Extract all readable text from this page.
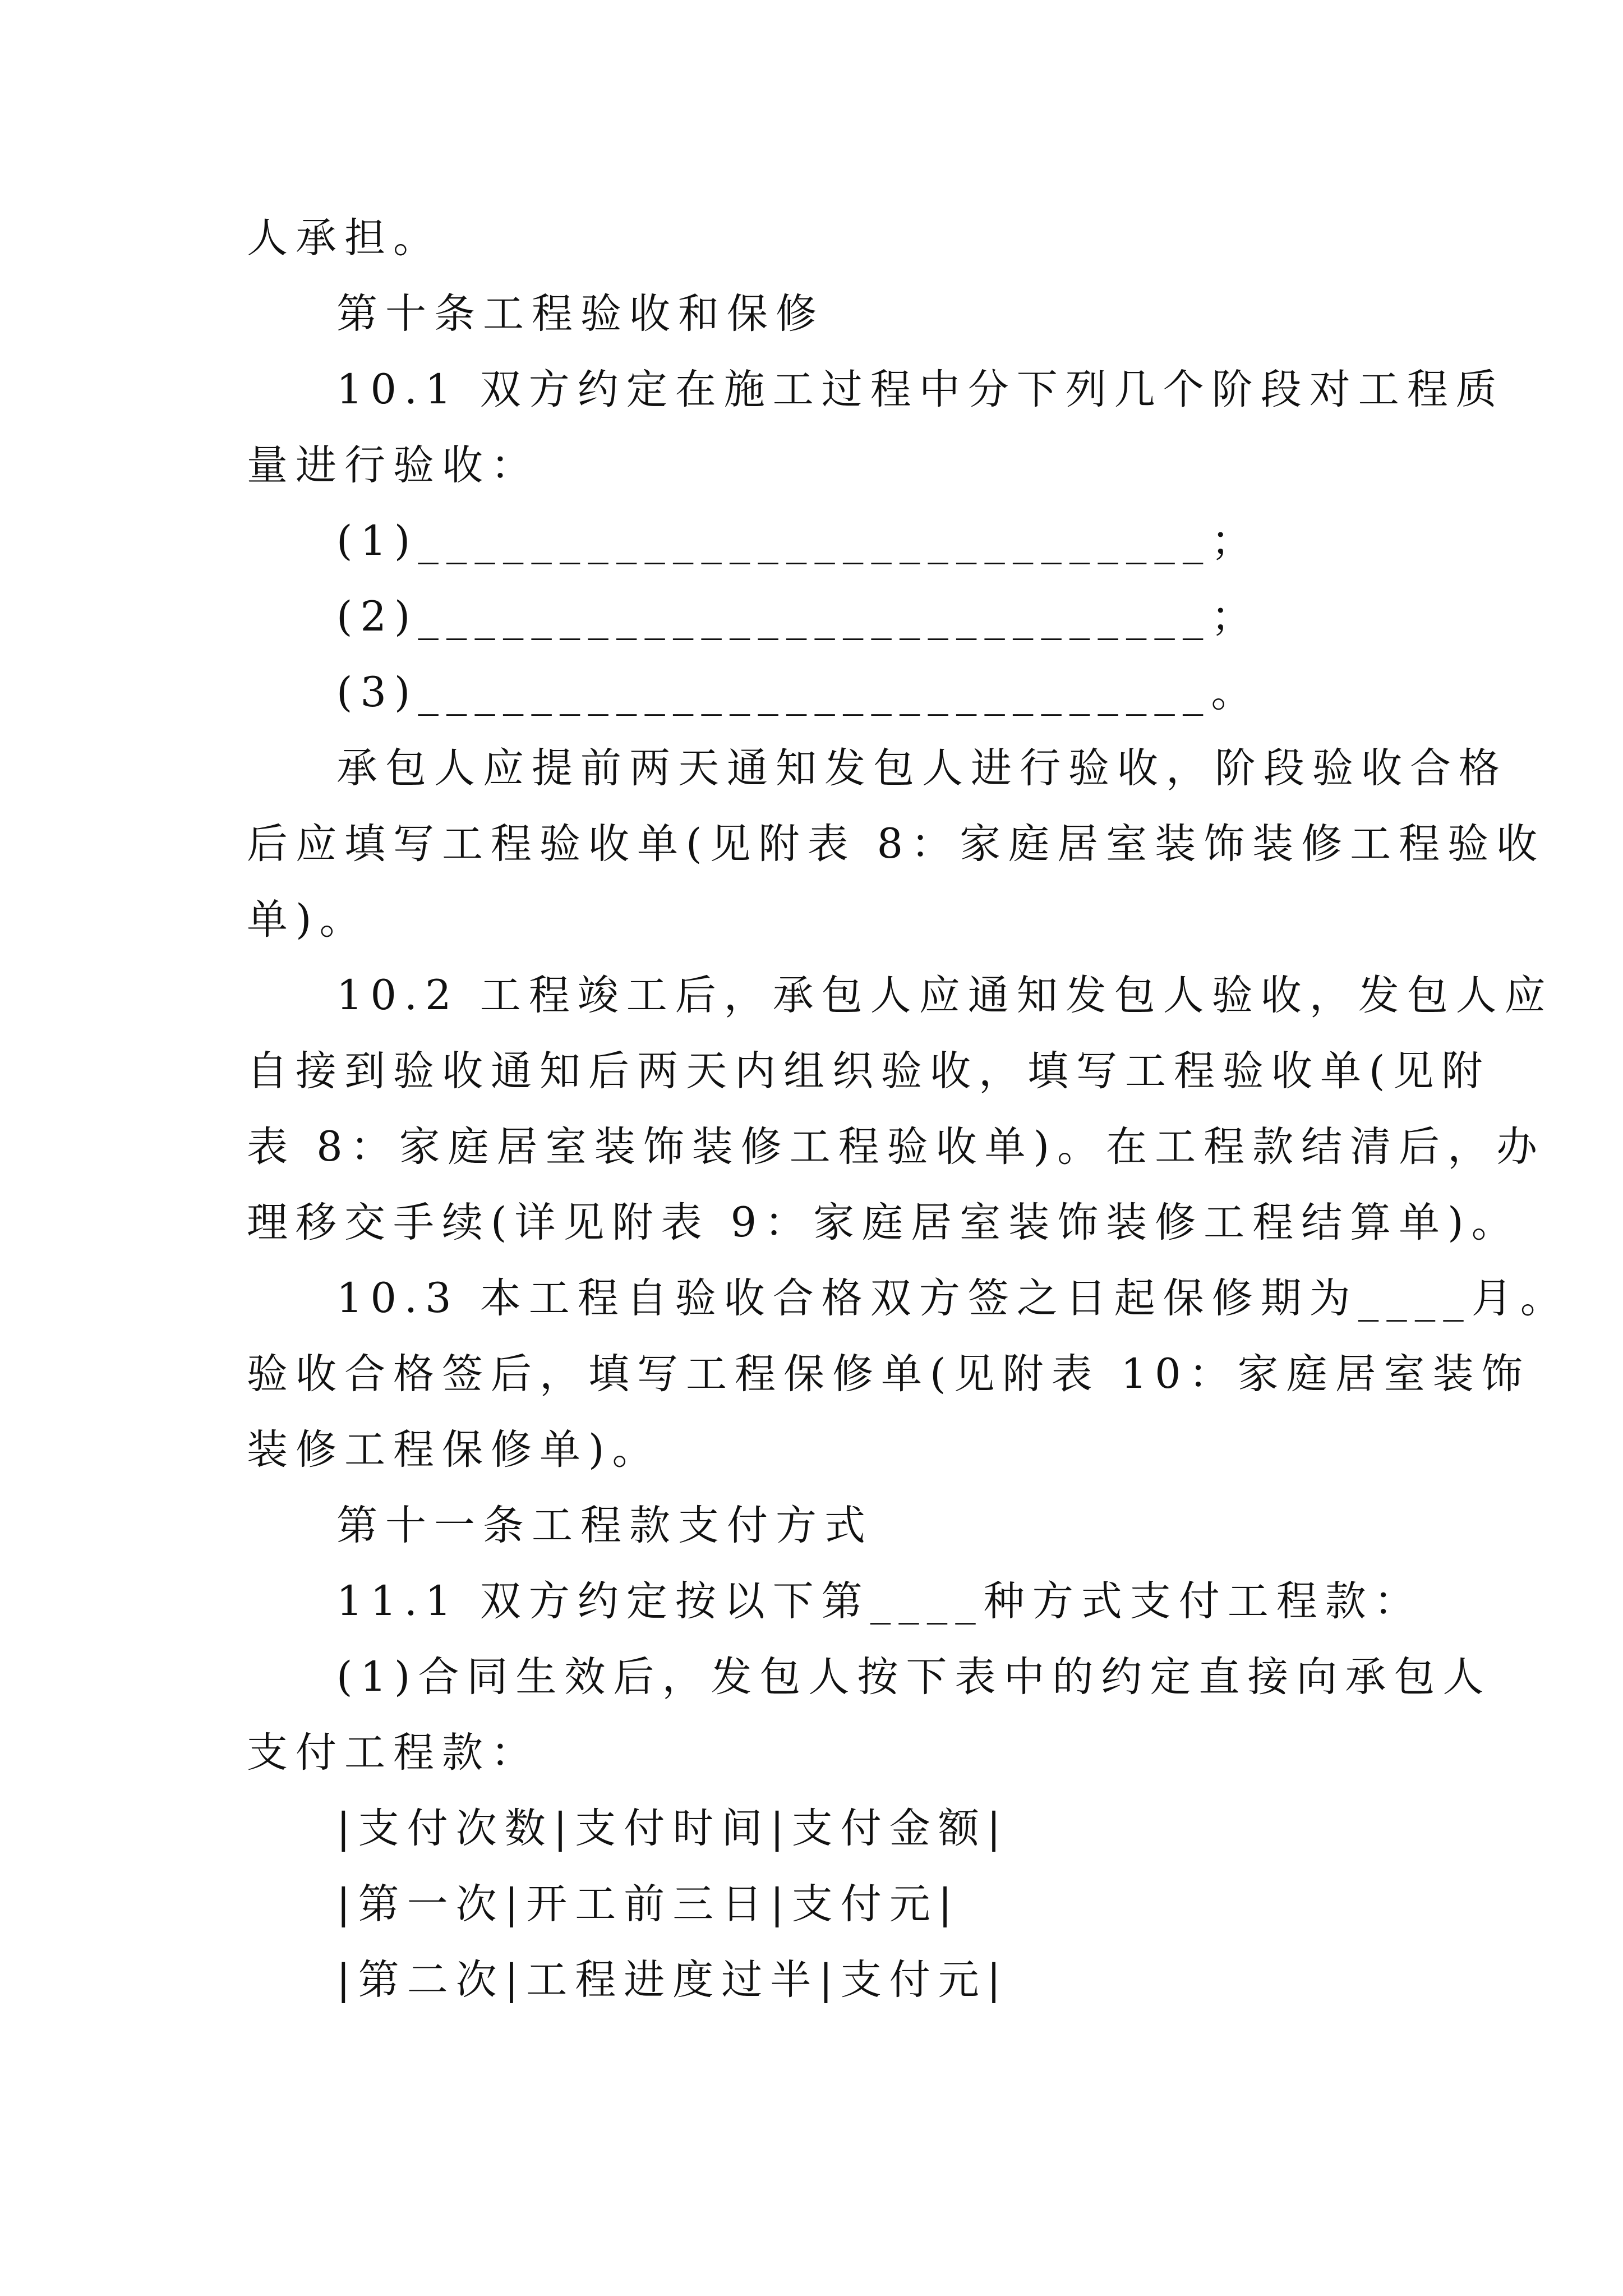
人承担。
第十条工程验收和保修
10.1 双方约定在施工过程中分下列几个阶段对工程质
量进行验收：
(1)____________________________；
(2)____________________________；
(3)____________________________。
承包人应提前两天通知发包人进行验收，阶段验收合格
后应填写工程验收单(见附表 8：家庭居室装饰装修工程验收
单)。
10.2 工程竣工后，承包人应通知发包人验收，发包人应
自接到验收通知后两天内组织验收，填写工程验收单(见附
表 8：家庭居室装饰装修工程验收单)。在工程款结清后，办
理移交手续(详见附表 9：家庭居室装饰装修工程结算单)。
10.3 本工程自验收合格双方签之日起保修期为____月。
验收合格签后，填写工程保修单(见附表 10：家庭居室装饰
装修工程保修单)。
第十一条工程款支付方式
11.1 双方约定按以下第____种方式支付工程款：
(1)合同生效后，发包人按下表中的约定直接向承包人
支付工程款：
|支付次数|支付时间|支付金额|
|第一次|开工前三日|支付元|
|第二次|工程进度过半|支付元|
